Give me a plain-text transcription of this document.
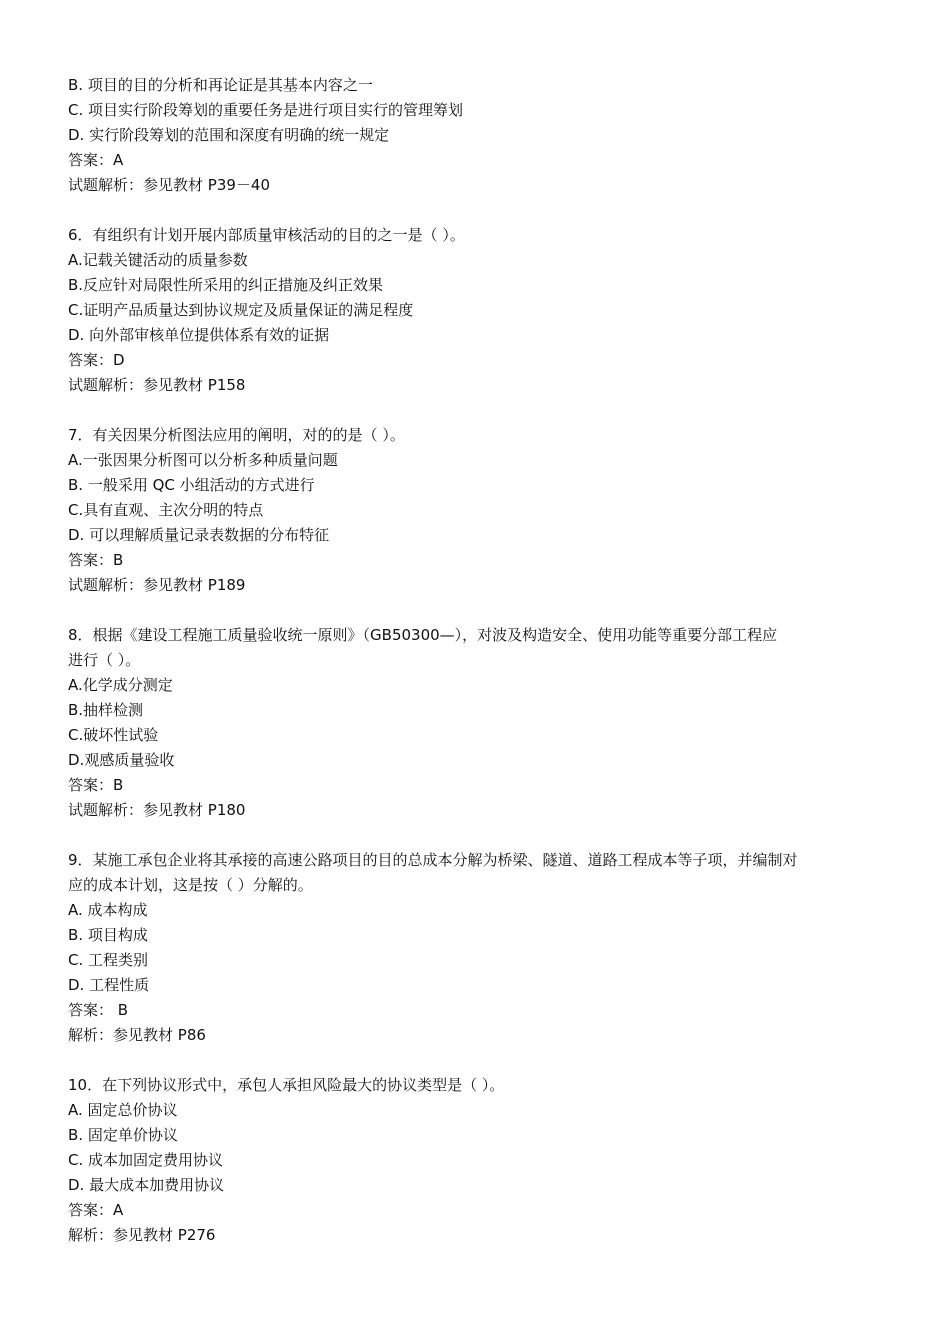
B. 项目的目的分析和再论证是其基本内容之一
C. 项目实行阶段筹划的重要任务是进行项目实行的管理筹划
D. 实行阶段筹划的范围和深度有明确的统一规定
答案：A
试题解析：参见教材 P39－40
6．有组织有计划开展内部质量审核活动的目的之一是（ ）。
A.记载关键活动的质量参数
B.反应针对局限性所采用的纠正措施及纠正效果
C.证明产品质量达到协议规定及质量保证的满足程度
D. 向外部审核单位提供体系有效的证据
答案：D
试题解析：参见教材 P158
7．有关因果分析图法应用的阐明，对的的是（ ）。
A.一张因果分析图可以分析多种质量问题
B. 一般采用 QC 小组活动的方式进行
C.具有直观、主次分明的特点
D. 可以理解质量记录表数据的分布特征
答案：B
试题解析：参见教材 P189
8．根据《建设工程施工质量验收统一原则》（GB50300—），对波及构造安全、使用功能等重要分部工程应
进行（ ）。
A.化学成分测定
B.抽样检测
C.破坏性试验
D.观感质量验收
答案：B
试题解析：参见教材 P180
9．某施工承包企业将其承接的高速公路项目的目的总成本分解为桥梁、隧道、道路工程成本等子项，并编制对
应的成本计划，这是按（ ）分解的。
A. 成本构成
B. 项目构成
C. 工程类别
D. 工程性质
答案： B
解析：参见教材 P86
10．在下列协议形式中，承包人承担风险最大的协议类型是（ ）。
A. 固定总价协议
B. 固定单价协议
C. 成本加固定费用协议
D. 最大成本加费用协议
答案：A
解析：参见教材 P276
